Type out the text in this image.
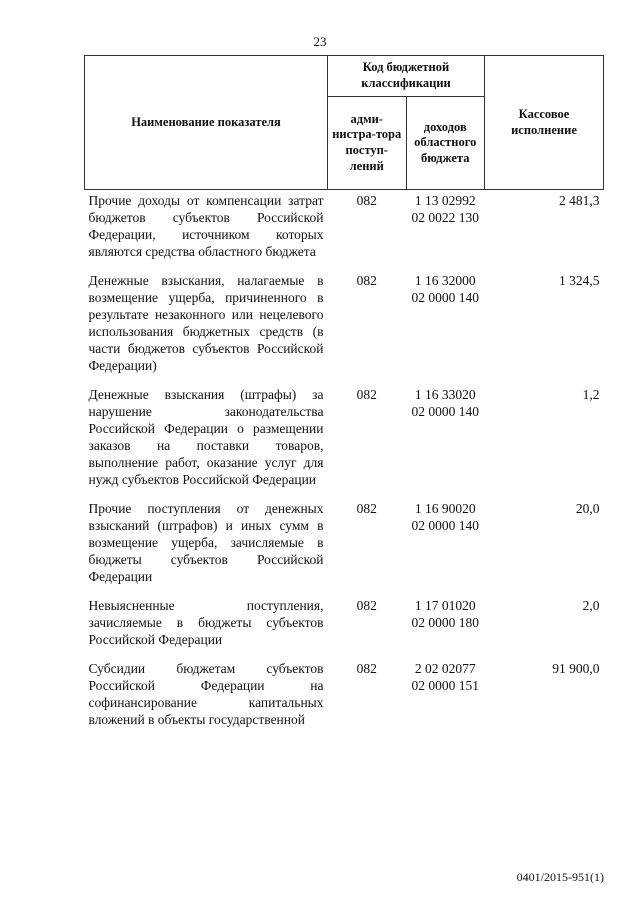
23
Наименование показателя	Код бюджетной классификации		Кассовое исполнение
	адми-нистра-тора поступ-лений	доходов областного бюджета	
Прочие доходы от компенсации затрат бюджетов субъектов Российской Федерации, источником которых являются средства областного бюджета	082	1 13 02992 02 0022 130	2 481,3
Денежные взыскания, налагаемые в возмещение ущерба, причиненного в результате незаконного или нецелевого использования бюджетных средств (в части бюджетов субъектов Российской Федерации)	082	1 16 32000 02 0000 140	1 324,5
Денежные взыскания (штрафы) за нарушение законодательства Российской Федерации о размещении заказов на поставки товаров, выполнение работ, оказание услуг для нужд субъектов Российской Федерации	082	1 16 33020 02 0000 140	1,2
Прочие поступления от денежных взысканий (штрафов) и иных сумм в возмещение ущерба, зачисляемые в бюджеты субъектов Российской Федерации	082	1 16 90020 02 0000 140	20,0
Невыясненные поступления, зачисляемые в бюджеты субъектов Российской Федерации	082	1 17 01020 02 0000 180	2,0
Субсидии бюджетам субъектов Российской Федерации на софинансирование капитальных вложений в объекты государственной	082	2 02 02077 02 0000 151	91 900,0
0401/2015-951(1)
